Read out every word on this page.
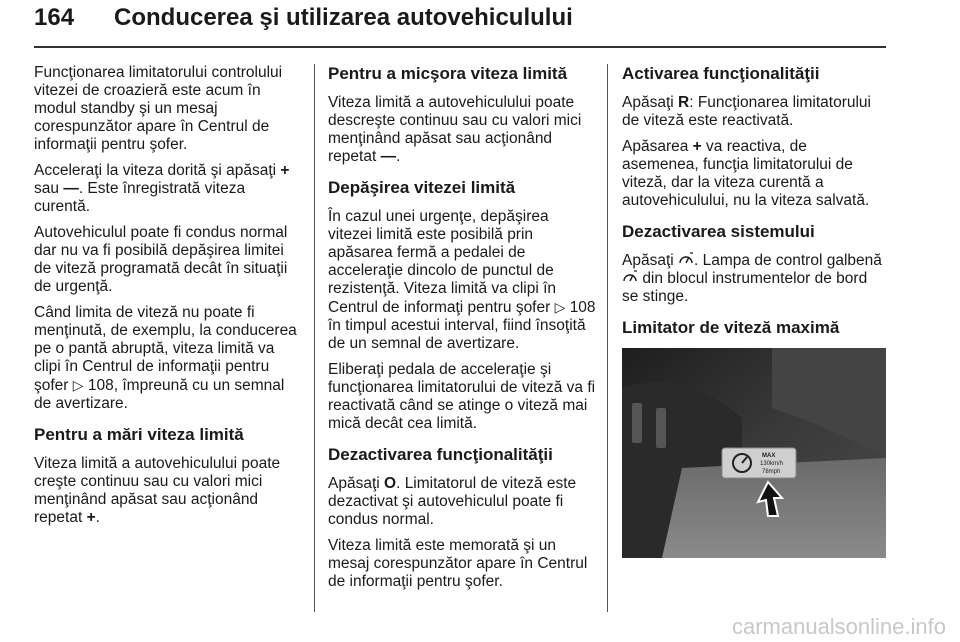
164 Conducerea şi utilizarea autovehiculului

Funcţionarea limitatorului controlului vitezei de croazieră este acum în modul standby şi un mesaj corespunzător apare în Centrul de informaţii pentru şofer.

Acceleraţi la viteza dorită şi apăsaţi + sau —. Este înregistrată viteza curentă.

Autovehiculul poate fi condus normal dar nu va fi posibilă depăşirea limitei de viteză programată decât în situaţii de urgenţă.

Când limita de viteză nu poate fi menţinută, de exemplu, la conducerea pe o pantă abruptă, viteza limită va clipi în Centrul de informaţii pentru şofer ▷ 108, împreună cu un semnal de avertizare.

Pentru a mări viteza limită

Viteza limită a autovehiculului poate creşte continuu sau cu valori mici menţinând apăsat sau acţionând repetat +.

Pentru a micşora viteza limită

Viteza limită a autovehiculului poate descreşte continuu sau cu valori mici menţinând apăsat sau acţionând repetat —.

Depăşirea vitezei limită

În cazul unei urgenţe, depăşirea vitezei limită este posibilă prin apăsarea fermă a pedalei de acceleraţie dincolo de punctul de rezistenţă. Viteza limită va clipi în Centrul de informaţi pentru şofer ▷ 108 în timpul acestui interval, fiind însoţită de un semnal de avertizare.

Eliberaţi pedala de acceleraţie şi funcţionarea limitatorului de viteză va fi reactivată când se atinge o viteză mai mică decât cea limită.

Dezactivarea funcţionalităţii

Apăsaţi O. Limitatorul de viteză este dezactivat şi autovehiculul poate fi condus normal.

Viteza limită este memorată şi un mesaj corespunzător apare în Centrul de informaţii pentru şofer.

Activarea funcţionalităţii

Apăsaţi R: Funcţionarea limitatorului de viteză este reactivată.

Apăsarea + va reactiva, de asemenea, funcţia limitatorului de viteză, dar la viteza curentă a autovehiculului, nu la viteza salvată.

Dezactivarea sistemului

Apăsaţi . Lampa de control galbenă  din blocul instrumentelor de bord se stinge.

Limitator de viteză maximă
MAX
130km/h
78mph
carmanualsonline.info
